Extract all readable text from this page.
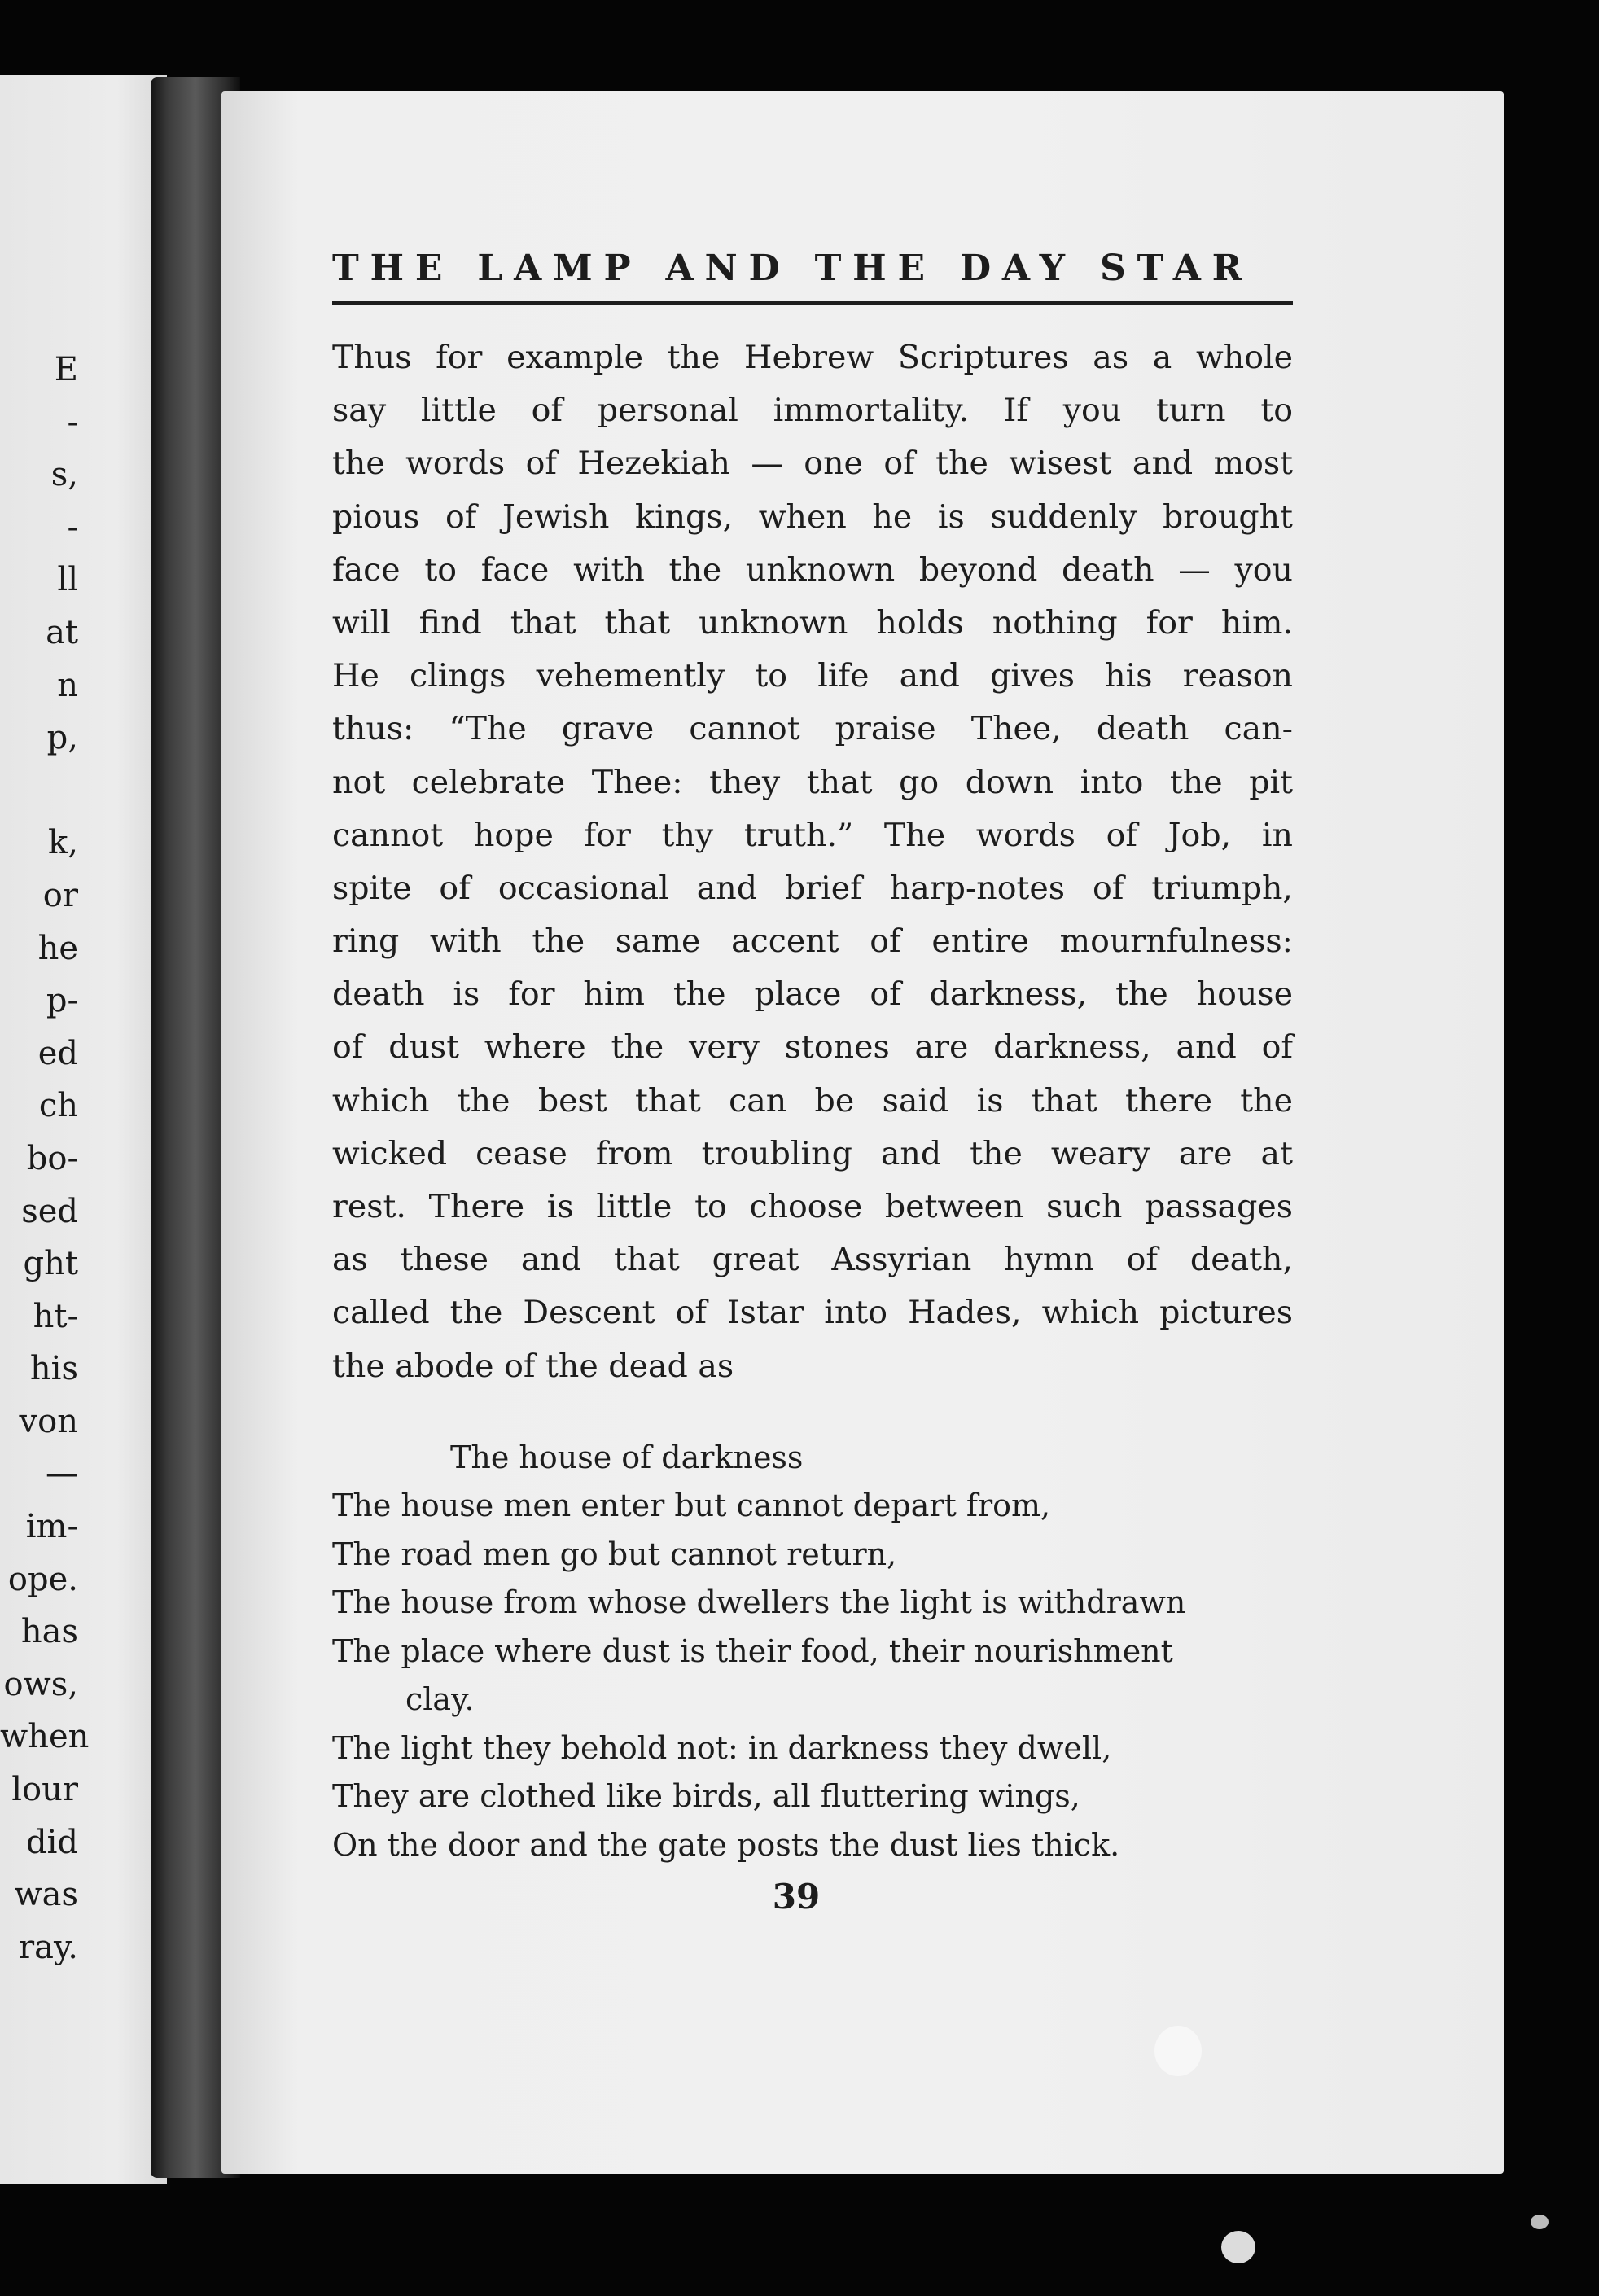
E
-
s,
-
ll
at
n
p,
k,
or
he
p-
ed
ch
bo-
sed
ght
ht-
his
von
—
im-
ope.
has
ows,
when
lour
did
was
ray.
THE LAMP AND THE DAY STAR
Thus for example the Hebrew Scriptures as a whole
say little of personal immortality. If you turn to
the words of Hezekiah — one of the wisest and most
pious of Jewish kings, when he is suddenly brought
face to face with the unknown beyond death — you
will find that that unknown holds nothing for him.
He clings vehemently to life and gives his reason
thus: “The grave cannot praise Thee, death can-
not celebrate Thee: they that go down into the pit
cannot hope for thy truth.” The words of Job, in
spite of occasional and brief harp-notes of triumph,
ring with the same accent of entire mournfulness:
death is for him the place of darkness, the house
of dust where the very stones are darkness, and of
which the best that can be said is that there the
wicked cease from troubling and the weary are at
rest. There is little to choose between such passages
as these and that great Assyrian hymn of death,
called the Descent of Istar into Hades, which pictures
the abode of the dead as
The house of darkness
The house men enter but cannot depart from,
The road men go but cannot return,
The house from whose dwellers the light is withdrawn
The place where dust is their food, their nourishment
clay.
The light they behold not: in darkness they dwell,
They are clothed like birds, all fluttering wings,
On the door and the gate posts the dust lies thick.
39
